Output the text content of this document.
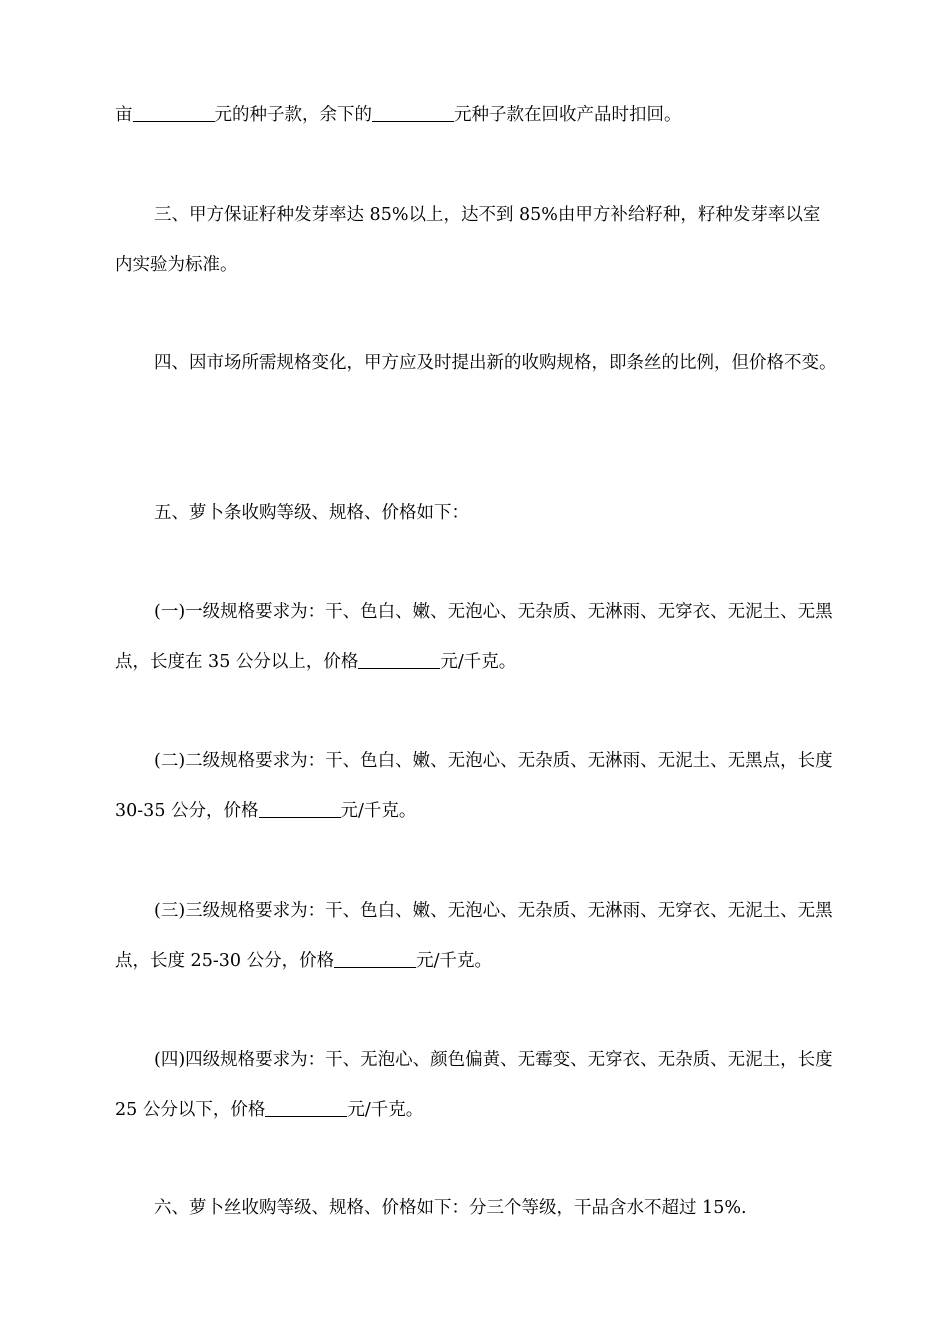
亩	元的种子款，余下的	元种子款在回收产品时扣回。

三、甲方保证籽种发芽率达 85%以上，达不到 85%由甲方补给籽种，籽种发芽率以室内实验为标准。

四、因市场所需规格变化，甲方应及时提出新的收购规格，即条丝的比例，但价格不变。

五、萝卜条收购等级、规格、价格如下：

(一)一级规格要求为：干、色白、嫩、无泡心、无杂质、无淋雨、无穿衣、无泥土、无黑点，长度在 35 公分以上，价格	元/千克。

(二)二级规格要求为：干、色白、嫩、无泡心、无杂质、无淋雨、无泥土、无黑点，长度 30-35 公分，价格	元/千克。

(三)三级规格要求为：干、色白、嫩、无泡心、无杂质、无淋雨、无穿衣、无泥土、无黑点，长度 25-30 公分，价格	元/千克。

(四)四级规格要求为：干、无泡心、颜色偏黄、无霉变、无穿衣、无杂质、无泥土，长度 25 公分以下，价格	元/千克。

六、萝卜丝收购等级、规格、价格如下：分三个等级，干品含水不超过 15%.
